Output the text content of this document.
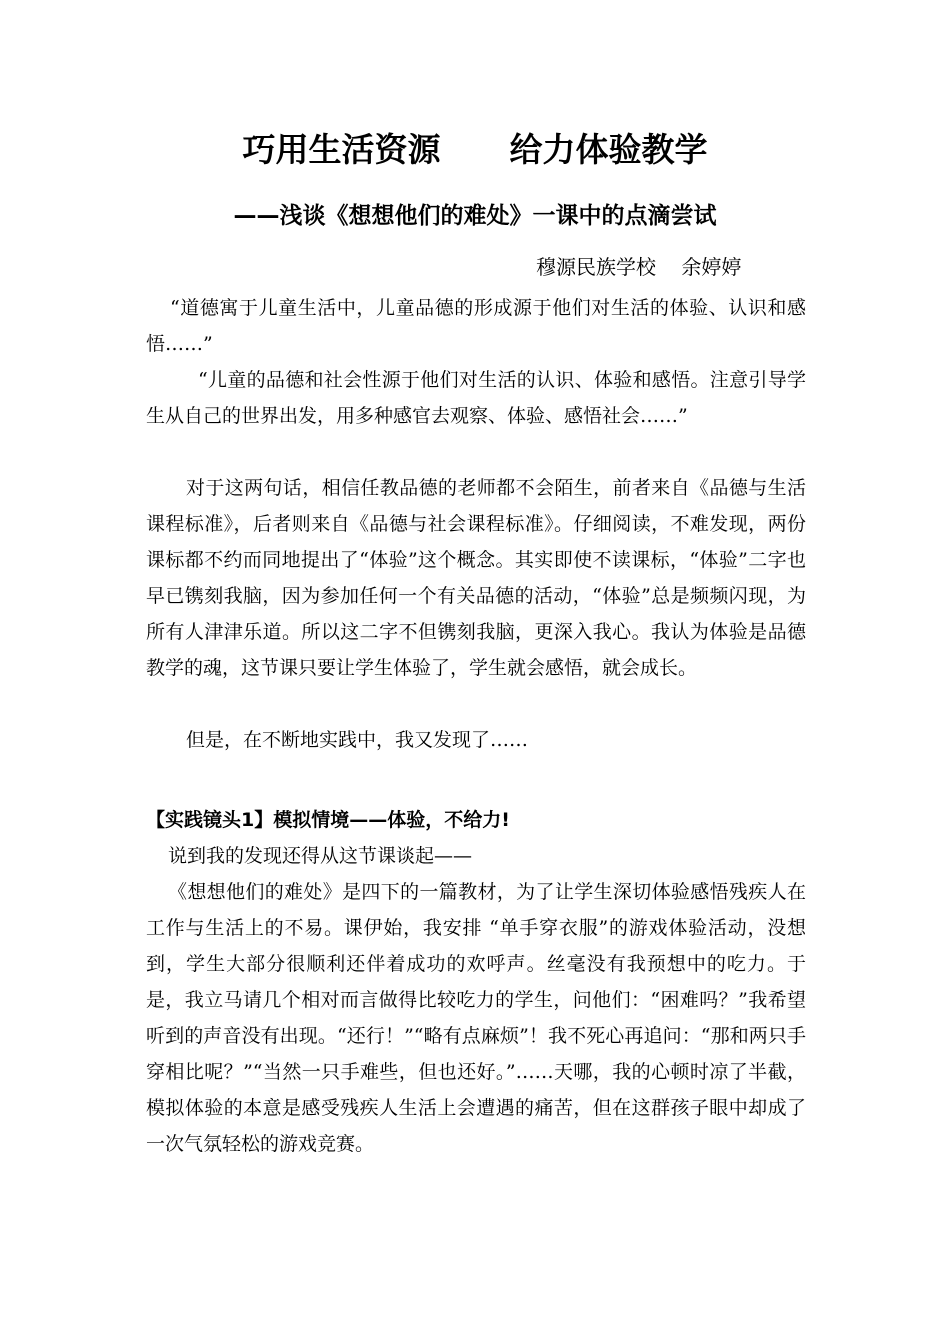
巧用生活资源      给力体验教学
——浅谈《想想他们的难处》一课中的点滴尝试
穆源民族学校    余婷婷

“道德寓于儿童生活中，儿童品德的形成源于他们对生活的体验、认识和感悟……”

“儿童的品德和社会性源于他们对生活的认识、体验和感悟。注意引导学生从自己的世界出发，用多种感官去观察、体验、感悟社会……”

对于这两句话，相信任教品德的老师都不会陌生，前者来自《品德与生活课程标准》，后者则来自《品德与社会课程标准》。仔细阅读，不难发现，两份课标都不约而同地提出了“体验”这个概念。其实即使不读课标，“体验”二字也早已镌刻我脑，因为参加任何一个有关品德的活动，“体验”总是频频闪现，为所有人津津乐道。所以这二字不但镌刻我脑，更深入我心。我认为体验是品德教学的魂，这节课只要让学生体验了，学生就会感悟，就会成长。

但是，在不断地实践中，我又发现了……

【实践镜头1】模拟情境——体验，不给力!

说到我的发现还得从这节课谈起——

《想想他们的难处》是四下的一篇教材，为了让学生深切体验感悟残疾人在工作与生活上的不易。课伊始，我安排 “单手穿衣服”的游戏体验活动，没想到，学生大部分很顺利还伴着成功的欢呼声。丝毫没有我预想中的吃力。于是，我立马请几个相对而言做得比较吃力的学生，问他们：“困难吗？”我希望听到的声音没有出现。“还行！”“略有点麻烦”！我不死心再追问：“那和两只手穿相比呢？”“当然一只手难些，但也还好。”……天哪，我的心顿时凉了半截，模拟体验的本意是感受残疾人生活上会遭遇的痛苦，但在这群孩子眼中却成了一次气氛轻松的游戏竞赛。
